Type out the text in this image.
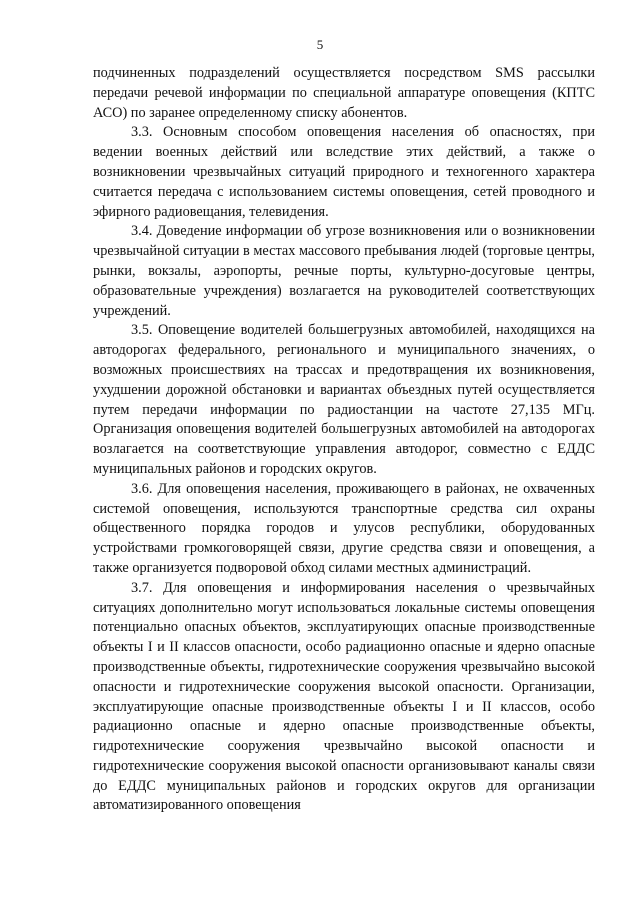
5

подчиненных подразделений осуществляется посредством SMS рассылки передачи речевой информации по специальной аппаратуре оповещения (КПТС АСО) по заранее определенному списку абонентов.

3.3. Основным способом оповещения населения об опасностях, при ведении военных действий или вследствие этих действий, а также о возникновении чрезвычайных ситуаций природного и техногенного характера считается передача с использованием системы оповещения, сетей проводного и эфирного радиовещания, телевидения.

3.4. Доведение информации об угрозе возникновения или о возникновении чрезвычайной ситуации в местах массового пребывания людей (торговые центры, рынки, вокзалы, аэропорты, речные порты, культурно-досуговые центры, образовательные учреждения) возлагается на руководителей соответствующих учреждений.

3.5. Оповещение водителей большегрузных автомобилей, находящихся на автодорогах федерального, регионального и муниципального значениях, о возможных происшествиях на трассах и предотвращения их возникновения, ухудшении дорожной обстановки и вариантах объездных путей осуществляется путем передачи информации по радиостанции на частоте 27,135 МГц. Организация оповещения водителей большегрузных автомобилей на автодорогах возлагается на соответствующие управления автодорог, совместно с ЕДДС муниципальных районов и городских округов.

3.6. Для оповещения населения, проживающего в районах, не охваченных системой оповещения, используются транспортные средства сил охраны общественного порядка городов и улусов республики, оборудованных устройствами громкоговорящей связи, другие средства связи и оповещения, а также организуется подворовой обход силами местных администраций.

3.7. Для оповещения и информирования населения о чрезвычайных ситуациях дополнительно могут использоваться локальные системы оповещения потенциально опасных объектов, эксплуатирующих опасные производственные объекты I и II классов опасности, особо радиационно опасные и ядерно опасные производственные объекты, гидротехнические сооружения чрезвычайно высокой опасности и гидротехнические сооружения высокой опасности. Организации, эксплуатирующие опасные производственные объекты I и II классов, особо радиационно опасные и ядерно опасные производственные объекты, гидротехнические сооружения чрезвычайно высокой опасности и гидротехнические сооружения высокой опасности организовывают каналы связи до ЕДДС муниципальных районов и городских округов для организации автоматизированного оповещения
